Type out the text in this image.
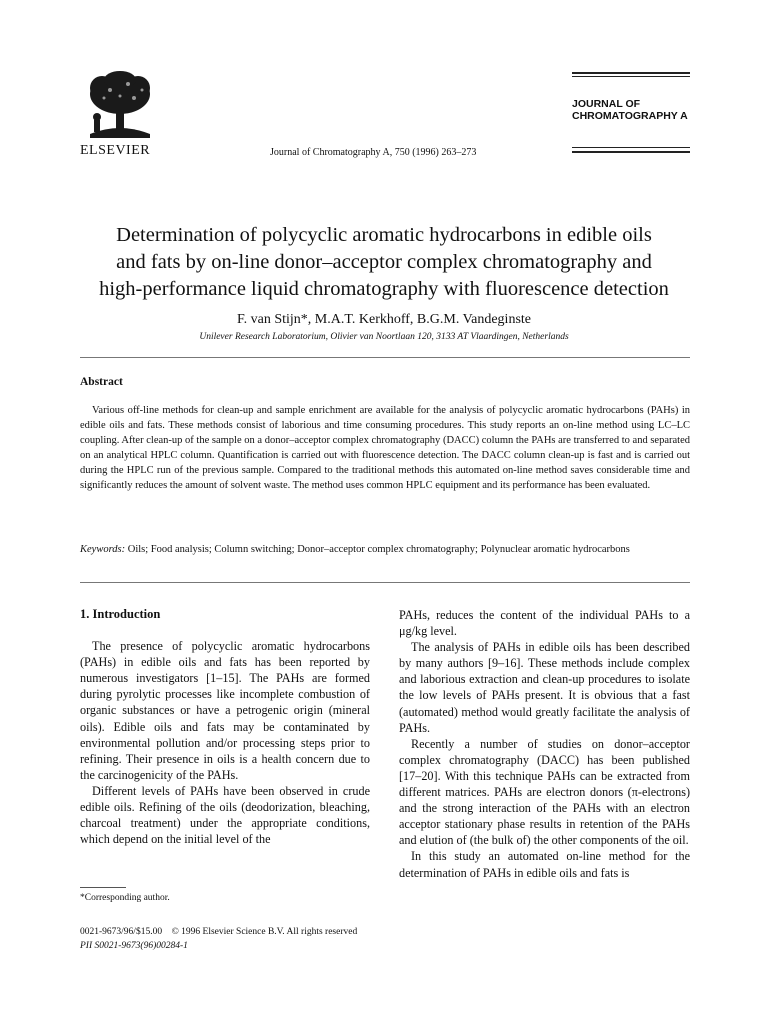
ELSEVIER	Journal of Chromatography A, 750 (1996) 263–273
JOURNAL OF
CHROMATOGRAPHY A
Determination of polycyclic aromatic hydrocarbons in edible oils
and fats by on-line donor–acceptor complex chromatography and
high-performance liquid chromatography with fluorescence detection
F. van Stijn*, M.A.T. Kerkhoff, B.G.M. Vandeginste
Unilever Research Laboratorium, Olivier van Noortlaan 120, 3133 AT Vlaardingen, Netherlands
Abstract
Various off-line methods for clean-up and sample enrichment are available for the analysis of polycyclic aromatic hydrocarbons (PAHs) in edible oils and fats. These methods consist of laborious and time consuming procedures. This study reports an on-line method using LC–LC coupling. After clean-up of the sample on a donor–acceptor complex chromatography (DACC) column the PAHs are transferred to and separated on an analytical HPLC column. Quantification is carried out with fluorescence detection. The DACC column clean-up is fast and is carried out during the HPLC run of the previous sample. Compared to the traditional methods this automated on-line method saves considerable time and significantly reduces the amount of solvent waste. The method uses common HPLC equipment and its performance has been evaluated.
Keywords: Oils; Food analysis; Column switching; Donor–acceptor complex chromatography; Polynuclear aromatic hydrocarbons
1. Introduction

The presence of polycyclic aromatic hydrocarbons (PAHs) in edible oils and fats has been reported by numerous investigators [1–15]. The PAHs are formed during pyrolytic processes like incomplete combustion of organic substances or have a petrogenic origin (mineral oils). Edible oils and fats may be contaminated by environmental pollution and/or processing steps prior to refining. Their presence in oils is a health concern due to the carcinogenicity of the PAHs.

Different levels of PAHs have been observed in crude edible oils. Refining of the oils (deodorization, bleaching, charcoal treatment) under the appropriate conditions, which depend on the initial level of the

PAHs, reduces the content of the individual PAHs to a μg/kg level.

The analysis of PAHs in edible oils has been described by many authors [9–16]. These methods include complex and laborious extraction and clean-up procedures to isolate the low levels of PAHs present. It is obvious that a fast (automated) method would greatly facilitate the analysis of PAHs.

Recently a number of studies on donor–acceptor complex chromatography (DACC) has been published [17–20]. With this technique PAHs can be extracted from different matrices. PAHs are electron donors (π-electrons) and the strong interaction of the PAHs with an electron acceptor stationary phase results in retention of the PAHs and elution of (the bulk of) the other components of the oil.

In this study an automated on-line method for the determination of PAHs in edible oils and fats is

*Corresponding author.
0021-9673/96/$15.00    © 1996 Elsevier Science B.V. All rights reserved
PII S0021-9673(96)00284-1
